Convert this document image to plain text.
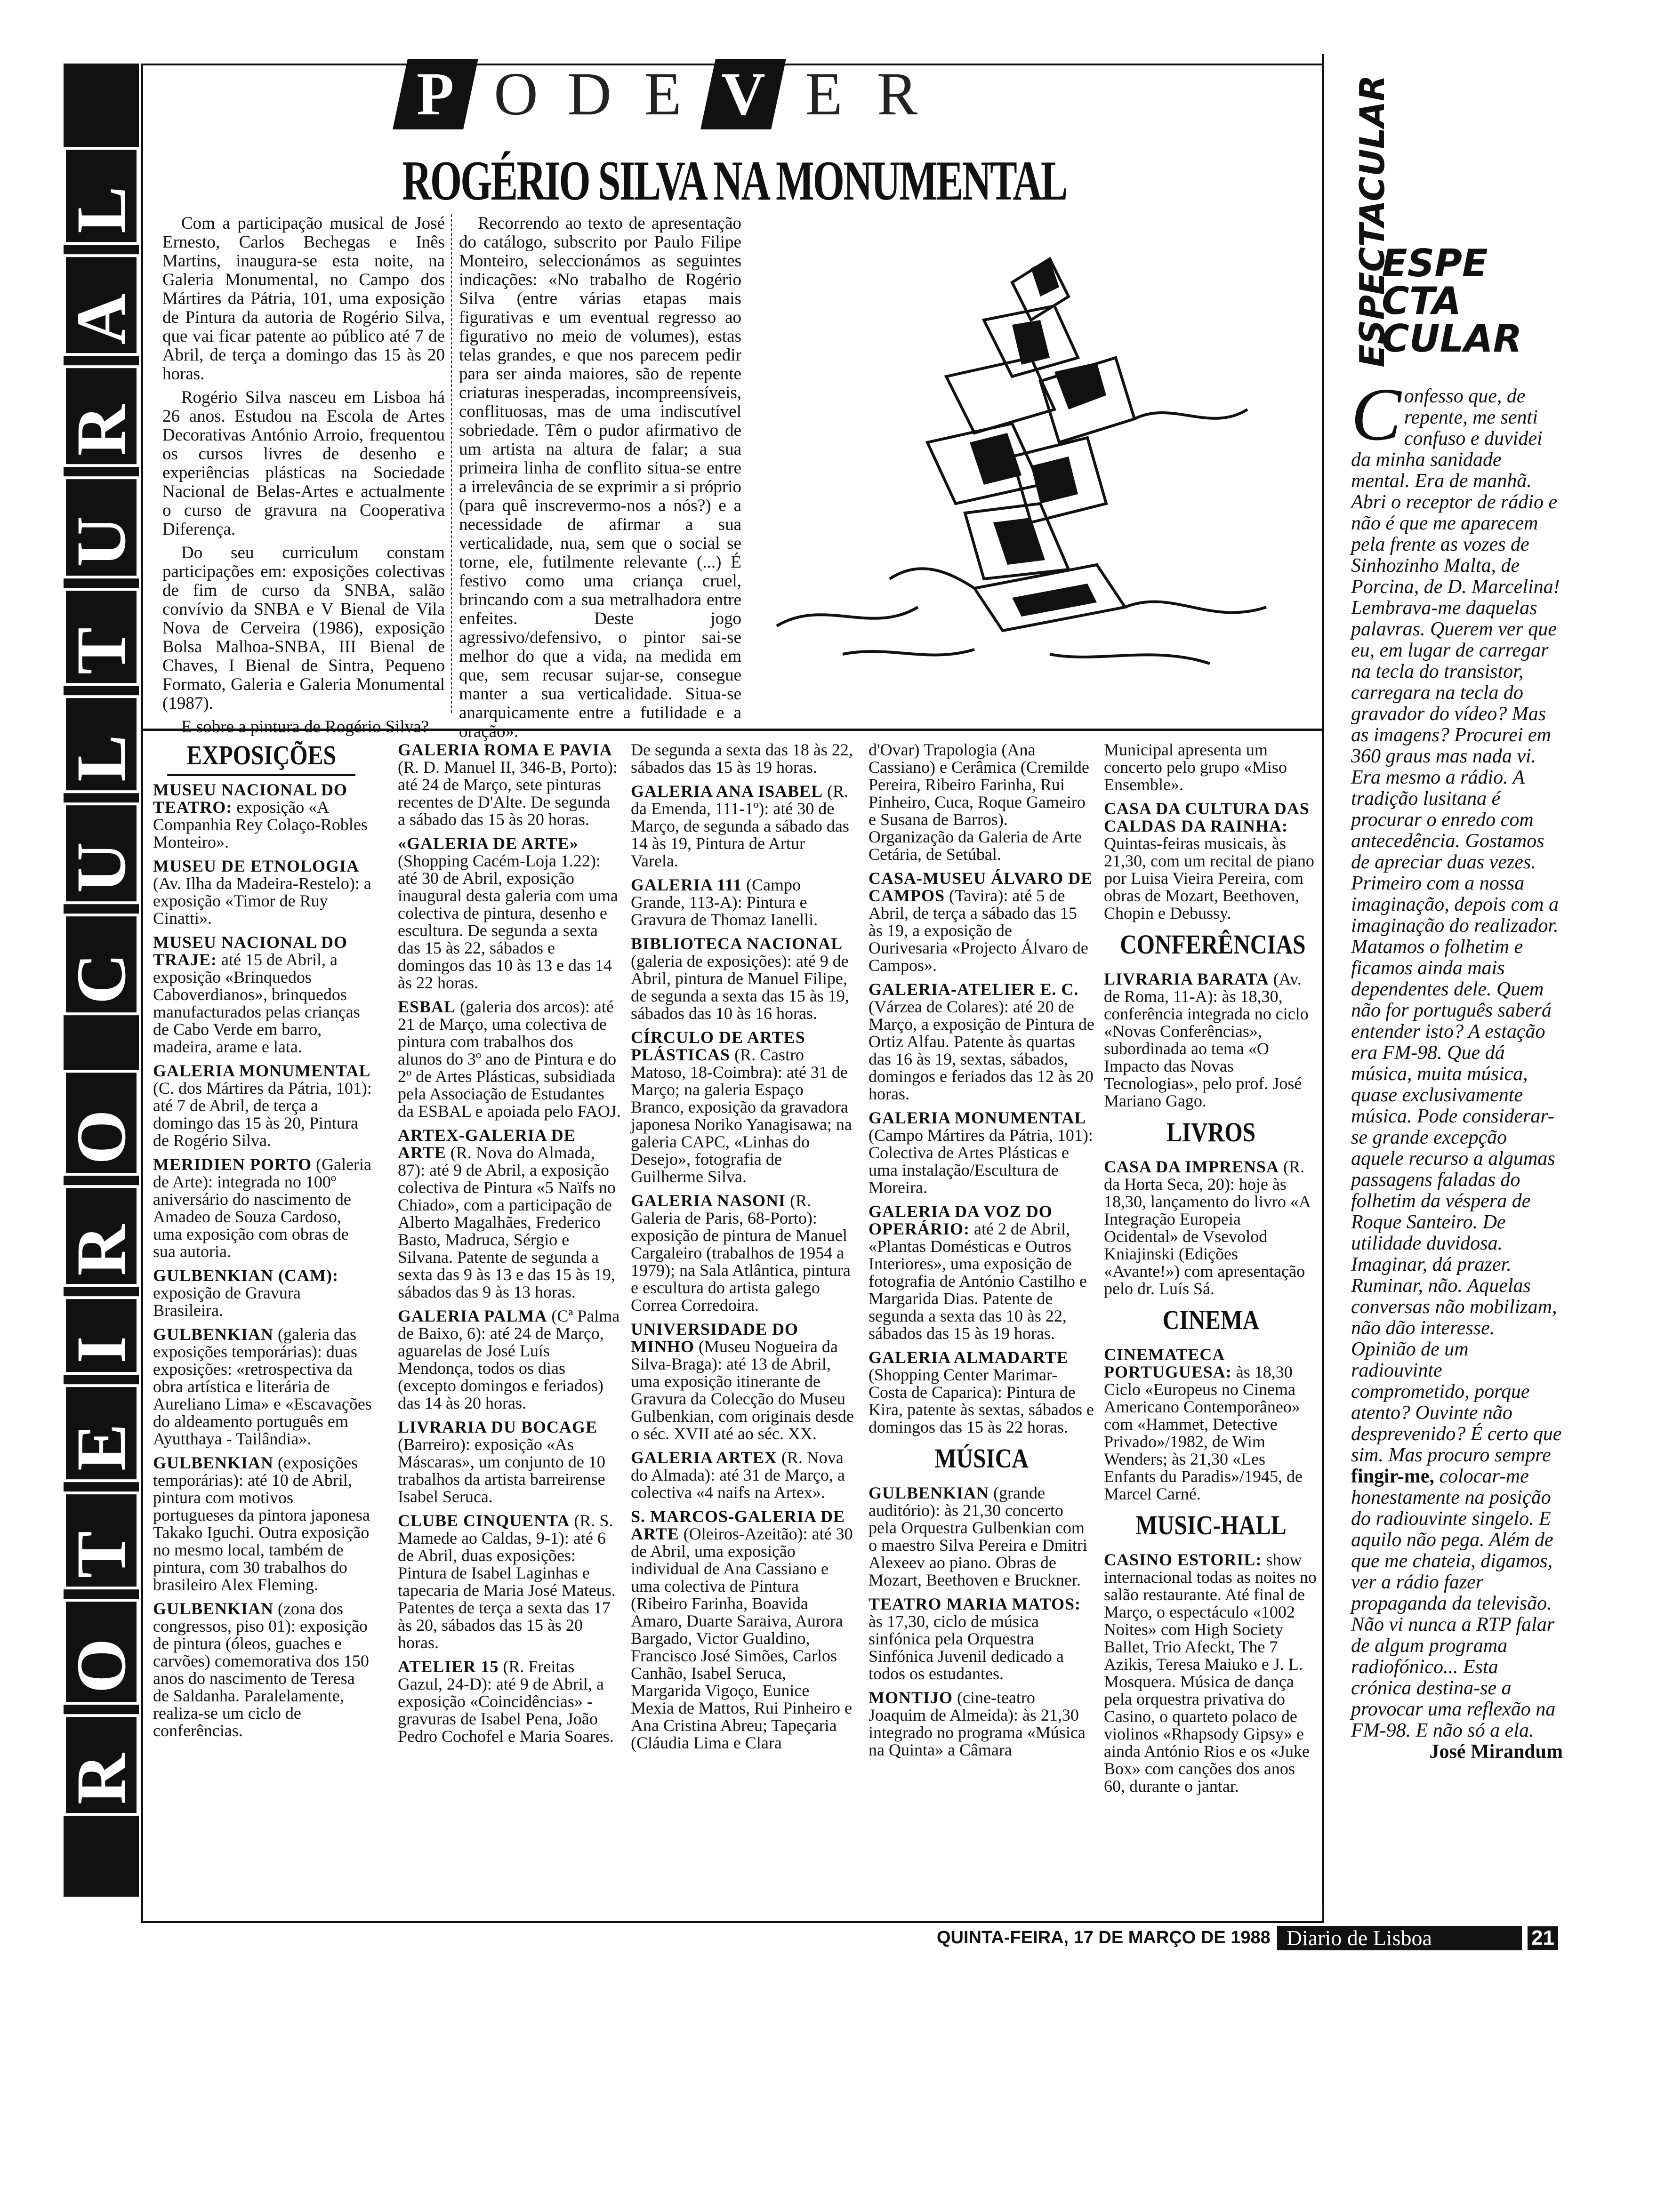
ROTEIROCULTURAL
P O D E V E R
ROGÉRIO SILVA NA MONUMENTAL

Com a participação musical de José Ernesto, Carlos Bechegas e Inês Martins, inaugura-se esta noite, na Galeria Monumental, no Campo dos Mártires da Pátria, 101, uma exposição de Pintura da autoria de Rogério Silva, que vai ficar patente ao público até 7 de Abril, de terça a domingo das 15 às 20 horas.

Rogério Silva nasceu em Lisboa há 26 anos. Estudou na Escola de Artes Decorativas António Arroio, frequentou os cursos livres de desenho e experiências plásticas na Sociedade Nacional de Belas-Artes e actualmente o curso de gravura na Cooperativa Diferença.

Do seu curriculum constam participações em: exposições colectivas de fim de curso da SNBA, salão convívio da SNBA e V Bienal de Vila Nova de Cerveira (1986), exposição Bolsa Malhoa-SNBA, III Bienal de Chaves, I Bienal de Sintra, Pequeno Formato, Galeria e Galeria Monumental (1987).

E sobre a pintura de Rogério Silva?

Recorrendo ao texto de apresentação do catálogo, subscrito por Paulo Filipe Monteiro, seleccionámos as seguintes indicações: «No trabalho de Rogério Silva (entre várias etapas mais figurativas e um eventual regresso ao figurativo no meio de volumes), estas telas grandes, e que nos parecem pedir para ser ainda maiores, são de repente criaturas inesperadas, incompreensíveis, conflituosas, mas de uma indiscutível sobriedade. Têm o pudor afirmativo de um artista na altura de falar; a sua primeira linha de conflito situa-se entre a irrelevância de se exprimir a si próprio (para quê inscrevermo-nos a nós?) e a necessidade de afirmar a sua verticalidade, nua, sem que o social se torne, ele, futilmente relevante (...) É festivo como uma criança cruel, brincando com a sua metralhadora entre enfeites. Deste jogo agressivo/defensivo, o pintor sai-se melhor do que a vida, na medida em que, sem recusar sujar-se, consegue manter a sua verticalidade. Situa-se anarquicamente entre a futilidade e a oração».

EXPOSIÇÕES

MUSEU NACIONAL DO TEATRO: exposição «A Companhia Rey Colaço-Robles Monteiro».

MUSEU DE ETNOLOGIA (Av. Ilha da Madeira-Restelo): a exposição «Timor de Ruy Cinatti».

MUSEU NACIONAL DO TRAJE: até 15 de Abril, a exposição «Brinquedos Caboverdianos», brinquedos manufacturados pelas crianças de Cabo Verde em barro, madeira, arame e lata.

GALERIA MONUMENTAL (C. dos Mártires da Pátria, 101): até 7 de Abril, de terça a domingo das 15 às 20, Pintura de Rogério Silva.

MERIDIEN PORTO (Galeria de Arte): integrada no 100º aniversário do nascimento de Amadeo de Souza Cardoso, uma exposição com obras de sua autoria.

GULBENKIAN (CAM): exposição de Gravura Brasileira.

GULBENKIAN (galeria das exposições temporárias): duas exposições: «retrospectiva da obra artística e literária de Aureliano Lima» e «Escavações do aldeamento português em Ayutthaya - Tailândia».

GULBENKIAN (exposições temporárias): até 10 de Abril, pintura com motivos portugueses da pintora japonesa Takako Iguchi. Outra exposição no mesmo local, também de pintura, com 30 trabalhos do brasileiro Alex Fleming.

GULBENKIAN (zona dos congressos, piso 01): exposição de pintura (óleos, guaches e carvões) comemorativa dos 150 anos do nascimento de Teresa de Saldanha. Paralelamente, realiza-se um ciclo de conferências.

GALERIA ROMA E PAVIA (R. D. Manuel II, 346-B, Porto): até 24 de Março, sete pinturas recentes de D'Alte. De segunda a sábado das 15 às 20 horas.

«GALERIA DE ARTE» (Shopping Cacém-Loja 1.22): até 30 de Abril, exposição inaugural desta galeria com uma colectiva de pintura, desenho e escultura. De segunda a sexta das 15 às 22, sábados e domingos das 10 às 13 e das 14 às 22 horas.

ESBAL (galeria dos arcos): até 21 de Março, uma colectiva de pintura com trabalhos dos alunos do 3º ano de Pintura e do 2º de Artes Plásticas, subsidiada pela Associação de Estudantes da ESBAL e apoiada pelo FAOJ.

ARTEX-GALERIA DE ARTE (R. Nova do Almada, 87): até 9 de Abril, a exposição colectiva de Pintura «5 Naïfs no Chiado», com a participação de Alberto Magalhães, Frederico Basto, Madruca, Sérgio e Silvana. Patente de segunda a sexta das 9 às 13 e das 15 às 19, sábados das 9 às 13 horas.

GALERIA PALMA (Cª Palma de Baixo, 6): até 24 de Março, aguarelas de José Luís Mendonça, todos os dias (excepto domingos e feriados) das 14 às 20 horas.

LIVRARIA DU BOCAGE (Barreiro): exposição «As Máscaras», um conjunto de 10 trabalhos da artista barreirense Isabel Seruca.

CLUBE CINQUENTA (R. S. Mamede ao Caldas, 9-1): até 6 de Abril, duas exposições: Pintura de Isabel Laginhas e tapecaria de Maria José Mateus. Patentes de terça a sexta das 17 às 20, sábados das 15 às 20 horas.

ATELIER 15 (R. Freitas Gazul, 24-D): até 9 de Abril, a exposição «Coincidências» - gravuras de Isabel Pena, João Pedro Cochofel e Maria Soares.

De segunda a sexta das 18 às 22, sábados das 15 às 19 horas.

GALERIA ANA ISABEL (R. da Emenda, 111-1º): até 30 de Março, de segunda a sábado das 14 às 19, Pintura de Artur Varela.

GALERIA 111 (Campo Grande, 113-A): Pintura e Gravura de Thomaz Ianelli.

BIBLIOTECA NACIONAL (galeria de exposições): até 9 de Abril, pintura de Manuel Filipe, de segunda a sexta das 15 às 19, sábados das 10 às 16 horas.

CÍRCULO DE ARTES PLÁSTICAS (R. Castro Matoso, 18-Coimbra): até 31 de Março; na galeria Espaço Branco, exposição da gravadora japonesa Noriko Yanagisawa; na galeria CAPC, «Linhas do Desejo», fotografia de Guilherme Silva.

GALERIA NASONI (R. Galeria de Paris, 68-Porto): exposição de pintura de Manuel Cargaleiro (trabalhos de 1954 a 1979); na Sala Atlântica, pintura e escultura do artista galego Correa Corredoira.

UNIVERSIDADE DO MINHO (Museu Nogueira da Silva-Braga): até 13 de Abril, uma exposição itinerante de Gravura da Colecção do Museu Gulbenkian, com originais desde o séc. XVII até ao séc. XX.

GALERIA ARTEX (R. Nova do Almada): até 31 de Março, a colectiva «4 naifs na Artex».

S. MARCOS-GALERIA DE ARTE (Oleiros-Azeitão): até 30 de Abril, uma exposição individual de Ana Cassiano e uma colectiva de Pintura (Ribeiro Farinha, Boavida Amaro, Duarte Saraiva, Aurora Bargado, Victor Gualdino, Francisco José Simões, Carlos Canhão, Isabel Seruca, Margarida Vigoço, Eunice Mexia de Mattos, Rui Pinheiro e Ana Cristina Abreu; Tapeçaria (Cláudia Lima e Clara

d'Ovar) Trapologia (Ana Cassiano) e Cerâmica (Cremilde Pereira, Ribeiro Farinha, Rui Pinheiro, Cuca, Roque Gameiro e Susana de Barros). Organização da Galeria de Arte Cetária, de Setúbal.

CASA-MUSEU ÁLVARO DE CAMPOS (Tavira): até 5 de Abril, de terça a sábado das 15 às 19, a exposição de Ourivesaria «Projecto Álvaro de Campos».

GALERIA-ATELIER E. C. (Várzea de Colares): até 20 de Março, a exposição de Pintura de Ortiz Alfau. Patente às quartas das 16 às 19, sextas, sábados, domingos e feriados das 12 às 20 horas.

GALERIA MONUMENTAL (Campo Mártires da Pátria, 101): Colectiva de Artes Plásticas e uma instalação/Escultura de Moreira.

GALERIA DA VOZ DO OPERÁRIO: até 2 de Abril, «Plantas Domésticas e Outros Interiores», uma exposição de fotografia de António Castilho e Margarida Dias. Patente de segunda a sexta das 10 às 22, sábados das 15 às 19 horas.

GALERIA ALMADARTE (Shopping Center Marimar-Costa de Caparica): Pintura de Kira, patente às sextas, sábados e domingos das 15 às 22 horas.

MÚSICA

GULBENKIAN (grande auditório): às 21,30 concerto pela Orquestra Gulbenkian com o maestro Silva Pereira e Dmitri Alexeev ao piano. Obras de Mozart, Beethoven e Bruckner.

TEATRO MARIA MATOS: às 17,30, ciclo de música sinfónica pela Orquestra Sinfónica Juvenil dedicado a todos os estudantes.

MONTIJO (cine-teatro Joaquim de Almeida): às 21,30 integrado no programa «Música na Quinta» a Câmara

Municipal apresenta um concerto pelo grupo «Miso Ensemble».

CASA DA CULTURA DAS CALDAS DA RAINHA: Quintas-feiras musicais, às 21,30, com um recital de piano por Luisa Vieira Pereira, com obras de Mozart, Beethoven, Chopin e Debussy.

CONFERÊNCIAS

LIVRARIA BARATA (Av. de Roma, 11-A): às 18,30, conferência integrada no ciclo «Novas Conferências», subordinada ao tema «O Impacto das Novas Tecnologias», pelo prof. José Mariano Gago.

LIVROS

CASA DA IMPRENSA (R. da Horta Seca, 20): hoje às 18,30, lançamento do livro «A Integração Europeia Ocidental» de Vsevolod Kniajinski (Edições «Avante!») com apresentação pelo dr. Luís Sá.

CINEMA

CINEMATECA PORTUGUESA: às 18,30 Ciclo «Europeus no Cinema Americano Contemporâneo» com «Hammet, Detective Privado»/1982, de Wim Wenders; às 21,30 «Les Enfants du Paradis»/1945, de Marcel Carné.

MUSIC-HALL

CASINO ESTORIL: show internacional todas as noites no salão restaurante. Até final de Março, o espectáculo «1002 Noites» com High Society Ballet, Trio Afeckt, The 7 Azikis, Teresa Maiuko e J. L. Mosquera. Música de dança pela orquestra privativa do Casino, o quarteto polaco de violinos «Rhapsody Gipsy» e ainda António Rios e os «Juke Box» com canções dos anos 60, durante o jantar.

ESPECTACULAR
ESPE
CTA
CULAR
Confesso que, de repente, me senti confuso e duvidei da minha sanidade mental. Era de manhã. Abri o receptor de rádio e não é que me aparecem pela frente as vozes de Sinhozinho Malta, de Porcina, de D. Marcelina! Lembrava-me daquelas palavras. Querem ver que eu, em lugar de carregar na tecla do transistor, carregara na tecla do gravador do vídeo? Mas as imagens? Procurei em 360 graus mas nada vi. Era mesmo a rádio. A tradição lusitana é procurar o enredo com antecedência. Gostamos de apreciar duas vezes. Primeiro com a nossa imaginação, depois com a imaginação do realizador. Matamos o folhetim e ficamos ainda mais dependentes dele. Quem não for português saberá entender isto? A estação era FM-98. Que dá música, muita música, quase exclusivamente música. Pode considerar-se grande excepção aquele recurso a algumas passagens faladas do folhetim da véspera de Roque Santeiro. De utilidade duvidosa. Imaginar, dá prazer. Ruminar, não. Aquelas conversas não mobilizam, não dão interesse. Opinião de um radiouvinte comprometido, porque atento? Ouvinte não desprevenido? É certo que sim. Mas procuro sempre fingir-me, colocar-me honestamente na posição do radiouvinte singelo. E aquilo não pega. Além de que me chateia, digamos, ver a rádio fazer propaganda da televisão. Não vi nunca a RTP falar de algum programa radiofónico... Esta crónica destina-se a provocar uma reflexão na FM-98. E não só a ela.
José Mirandum
QUINTA-FEIRA, 17 DE MARÇO DE 1988 Diario de Lisboa	21
